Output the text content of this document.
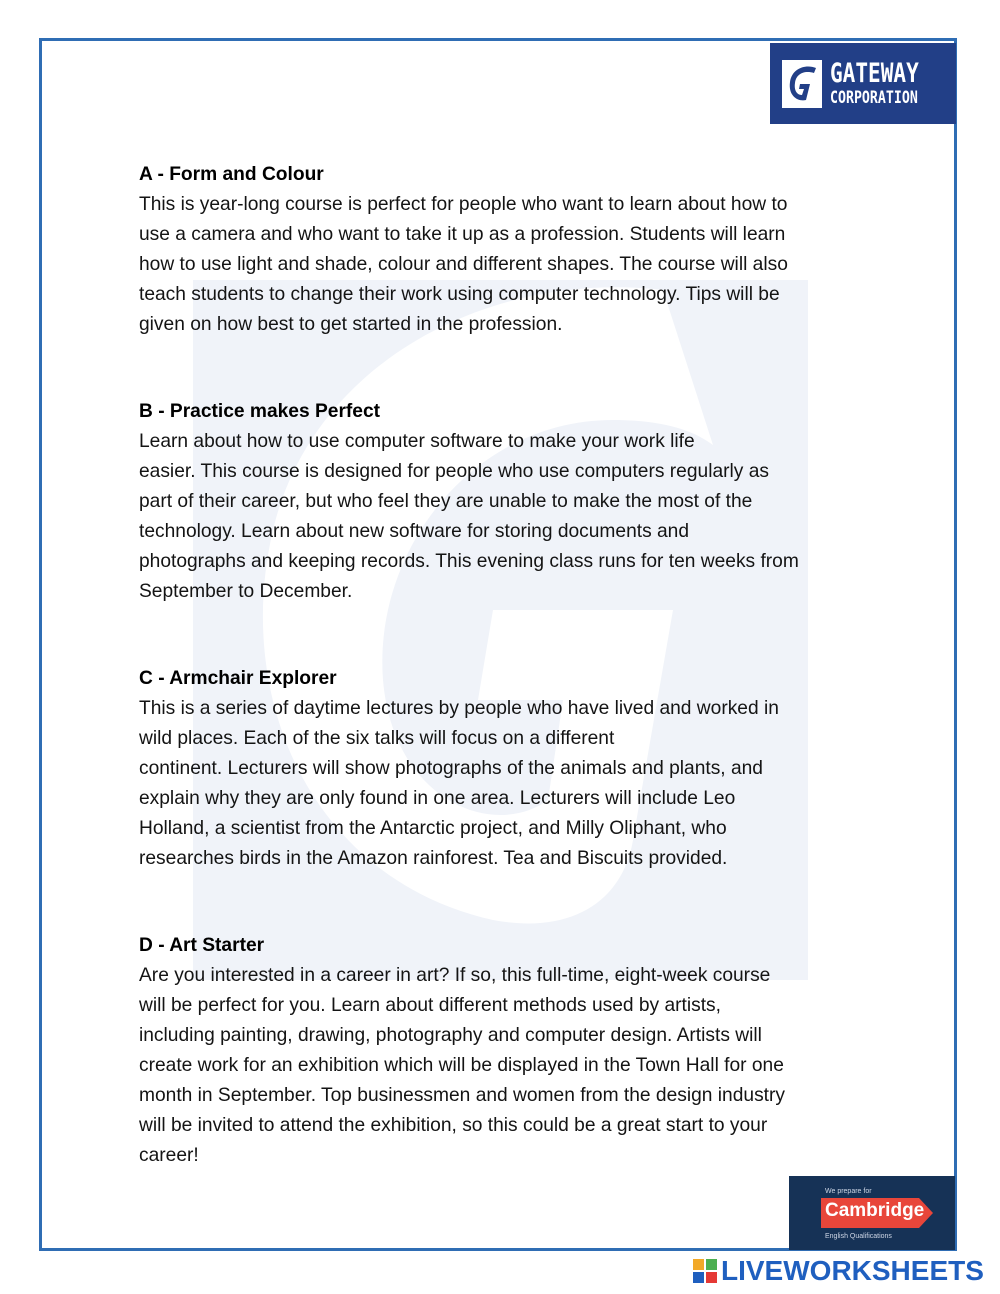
GATEWAY
CORPORATION
A - Form and Colour

This is year-long course is perfect for people who want to learn about how to

use a camera and who want to take it up as a profession. Students will learn

how to use light and shade, colour and different shapes. The course will also

teach students to change their work using computer technology. Tips will be

given on how best to get started in the profession.

B - Practice makes Perfect

Learn about how to use computer software to make your work life

easier. This course is designed for people who use computers regularly as

part of their career, but who feel they are unable to make the most of the

technology. Learn about new software for storing documents and

photographs and keeping records. This evening class runs for ten weeks from

September to December.

C - Armchair Explorer

This is a series of daytime lectures by people who have lived and worked in

wild places. Each of the six talks will focus on a different

continent. Lecturers will show photographs of the animals and plants, and

explain why they are only found in one area. Lecturers will include Leo

Holland, a scientist from the Antarctic project, and Milly Oliphant, who

researches birds in the Amazon rainforest. Tea and Biscuits provided.

D - Art Starter

Are you interested in a career in art? If so, this full-time, eight-week course

will be perfect for you. Learn about different methods used by artists,

including painting, drawing, photography and computer design. Artists will

create work for an exhibition which will be displayed in the Town Hall for one

month in September. Top businessmen and women from the design industry

will be invited to attend the exhibition, so this could be a great start to your

career!

We prepare for
Cambridge
English Qualifications
LIVEWORKSHEETS
